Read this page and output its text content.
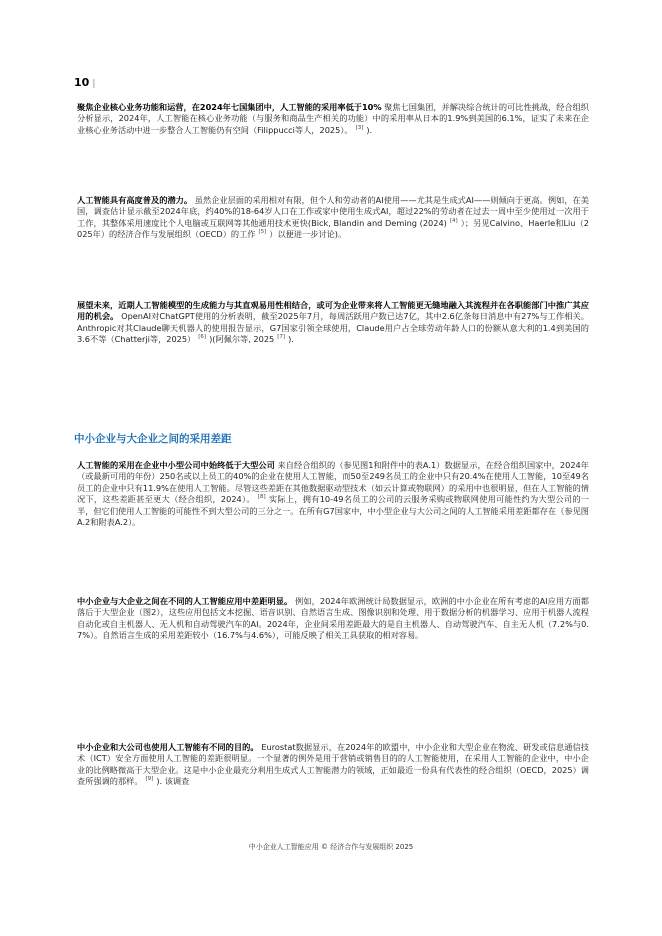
10 |
聚焦企业核心业务功能和运营，在2024年七国集团中，人工智能的采用率低于10% 聚焦七国集团，并解决综合统计的可比性挑战，经合组织分析显示，2024年，人工智能在核心业务功能（与服务和商品生产相关的功能）中的采用率从日本的1.9%到美国的6.1%，证实了未来在企业核心业务活动中进一步整合人工智能仍有空间（Filippucci等人，2025）。 [3] ).
人工智能具有高度普及的潜力。 虽然企业层面的采用相对有限，但个人和劳动者的AI使用——尤其是生成式AI——则倾向于更高。例如，在美国，调查估计显示截至2024年底，约40%的18-64岁人口在工作或家中使用生成式AI，超过22%的劳动者在过去一周中至少使用过一次用于工作，其整体采用速度比个人电脑或互联网等其他通用技术更快(Bick, Blandin and Deming (2024) [4] ）；另见Calvino、Haerle和Liu（2025年）的经济合作与发展组织（OECD）的工作 [5] ）以便进一步讨论)。
展望未来，近期人工智能模型的生成能力与其直观易用性相结合，或可为企业带来将人工智能更无缝地融入其流程并在各职能部门中推广其应用的机会。 OpenAI对ChatGPT使用的分析表明，截至2025年7月，每周活跃用户数已达7亿，其中2.6亿条每日消息中有27%与工作相关。Anthropic对其Claude聊天机器人的使用报告显示，G7国家引领全球使用，Claude用户占全球劳动年龄人口的份额从意大利的1.4到美国的3.6不等（Chatterji等，2025） [6] )(阿佩尔等, 2025 [7] ).
中小企业与大企业之间的采用差距
人工智能的采用在企业中小型公司中始终低于大型公司 来自经合组织的（参见图1和附件中的表A.1）数据显示，在经合组织国家中，2024年（或最新可用的年份）250名或以上员工的40%的企业在使用人工智能，而50至249名员工的企业中只有20.4%在使用人工智能，10至49名员工的企业中只有11.9%在使用人工智能。尽管这些差距在其他数据驱动型技术（如云计算或物联网）的采用中也很明显，但在人工智能的情况下，这些差距甚至更大（经合组织，2024）。 [8] 实际上，拥有10-49名员工的公司的云服务采购或物联网使用可能性约为大型公司的一半，但它们使用人工智能的可能性不到大型公司的三分之一。在所有G7国家中，中小型企业与大公司之间的人工智能采用差距都存在（参见图A.2和附表A.2）。
中小企业与大企业之间在不同的人工智能应用中差距明显。 例如，2024年欧洲统计局数据显示，欧洲的中小企业在所有考虑的AI应用方面都落后于大型企业（图2），这些应用包括文本挖掘、语音识别、自然语言生成、图像识别和处理、用于数据分析的机器学习、应用于机器人流程自动化或自主机器人、无人机和自动驾驶汽车的AI。2024年，企业间采用差距最大的是自主机器人、自动驾驶汽车、自主无人机（7.2%与0.7%）。自然语言生成的采用差距较小（16.7%与4.6%），可能反映了相关工具获取的相对容易。
中小企业和大公司也使用人工智能有不同的目的。 Eurostat数据显示，在2024年的欧盟中，中小企业和大型企业在物流、研发或信息通信技术（ICT）安全方面使用人工智能的差距很明显。一个显著的例外是用于营销或销售目的的人工智能使用，在采用人工智能的企业中，中小企业的比例略微高于大型企业。这是中小企业最充分利用生成式人工智能潜力的领域，正如最近一份具有代表性的经合组织（OECD，2025）调查所强调的那样。 [9] ). 该调查
中小企业人工智能应用 © 经济合作与发展组织 2025
